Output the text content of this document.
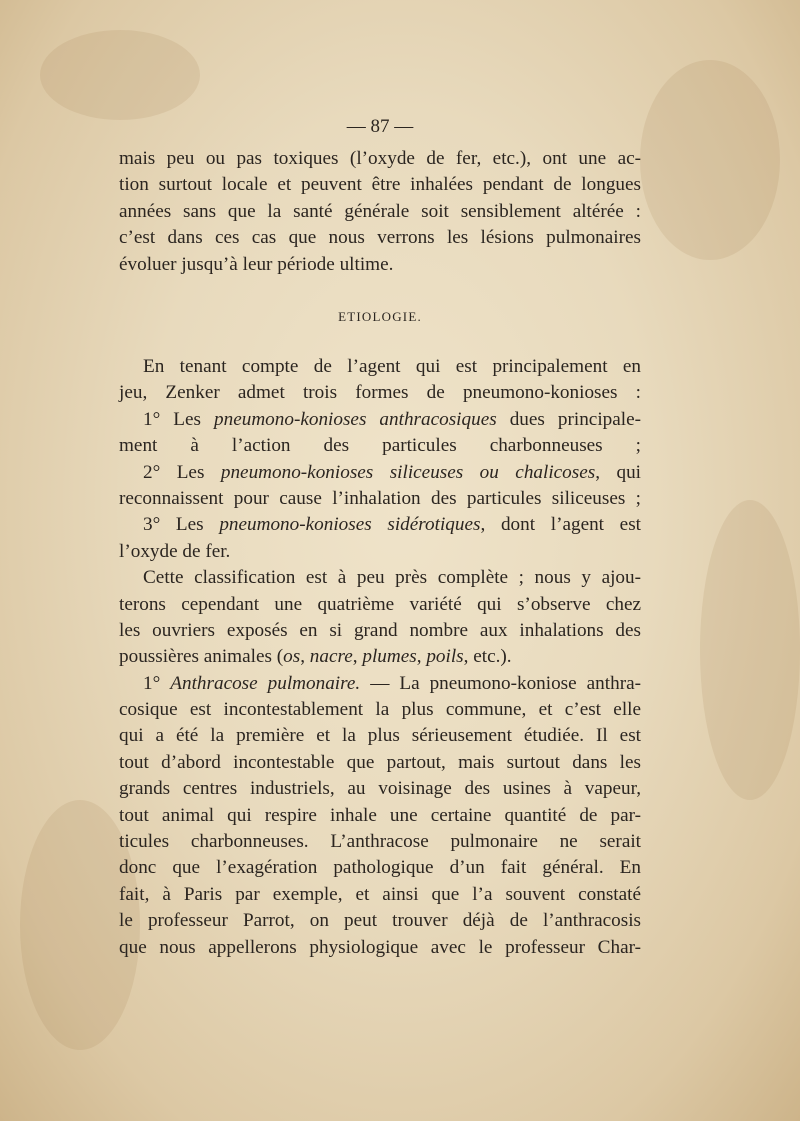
— 87 —
mais peu ou pas toxiques (l’oxyde de fer, etc.), ont une ac-
tion surtout locale et peuvent être inhalées pendant de longues
années sans que la santé générale soit sensiblement altérée :
c’est dans ces cas que nous verrons les lésions pulmonaires
évoluer jusqu’à leur période ultime.
ETIOLOGIE.
En tenant compte de l’agent qui est principalement en
jeu, Zenker admet trois formes de pneumono-konioses :
1° Les pneumono-konioses anthracosiques dues principale-
ment à l’action des particules charbonneuses ;
2° Les pneumono-konioses siliceuses ou chalicoses, qui
reconnaissent pour cause l’inhalation des particules siliceuses ;
3° Les pneumono-konioses sidérotiques, dont l’agent est
l’oxyde de fer.
Cette classification est à peu près complète ; nous y ajou-
terons cependant une quatrième variété qui s’observe chez
les ouvriers exposés en si grand nombre aux inhalations des
poussières animales (os, nacre, plumes, poils, etc.).
1° Anthracose pulmonaire. — La pneumono-koniose anthra-
cosique est incontestablement la plus commune, et c’est elle
qui a été la première et la plus sérieusement étudiée. Il est
tout d’abord incontestable que partout, mais surtout dans les
grands centres industriels, au voisinage des usines à vapeur,
tout animal qui respire inhale une certaine quantité de par-
ticules charbonneuses. L’anthracose pulmonaire ne serait
donc que l’exagération pathologique d’un fait général. En
fait, à Paris par exemple, et ainsi que l’a souvent constaté
le professeur Parrot, on peut trouver déjà de l’anthracosis
que nous appellerons physiologique avec le professeur Char-
